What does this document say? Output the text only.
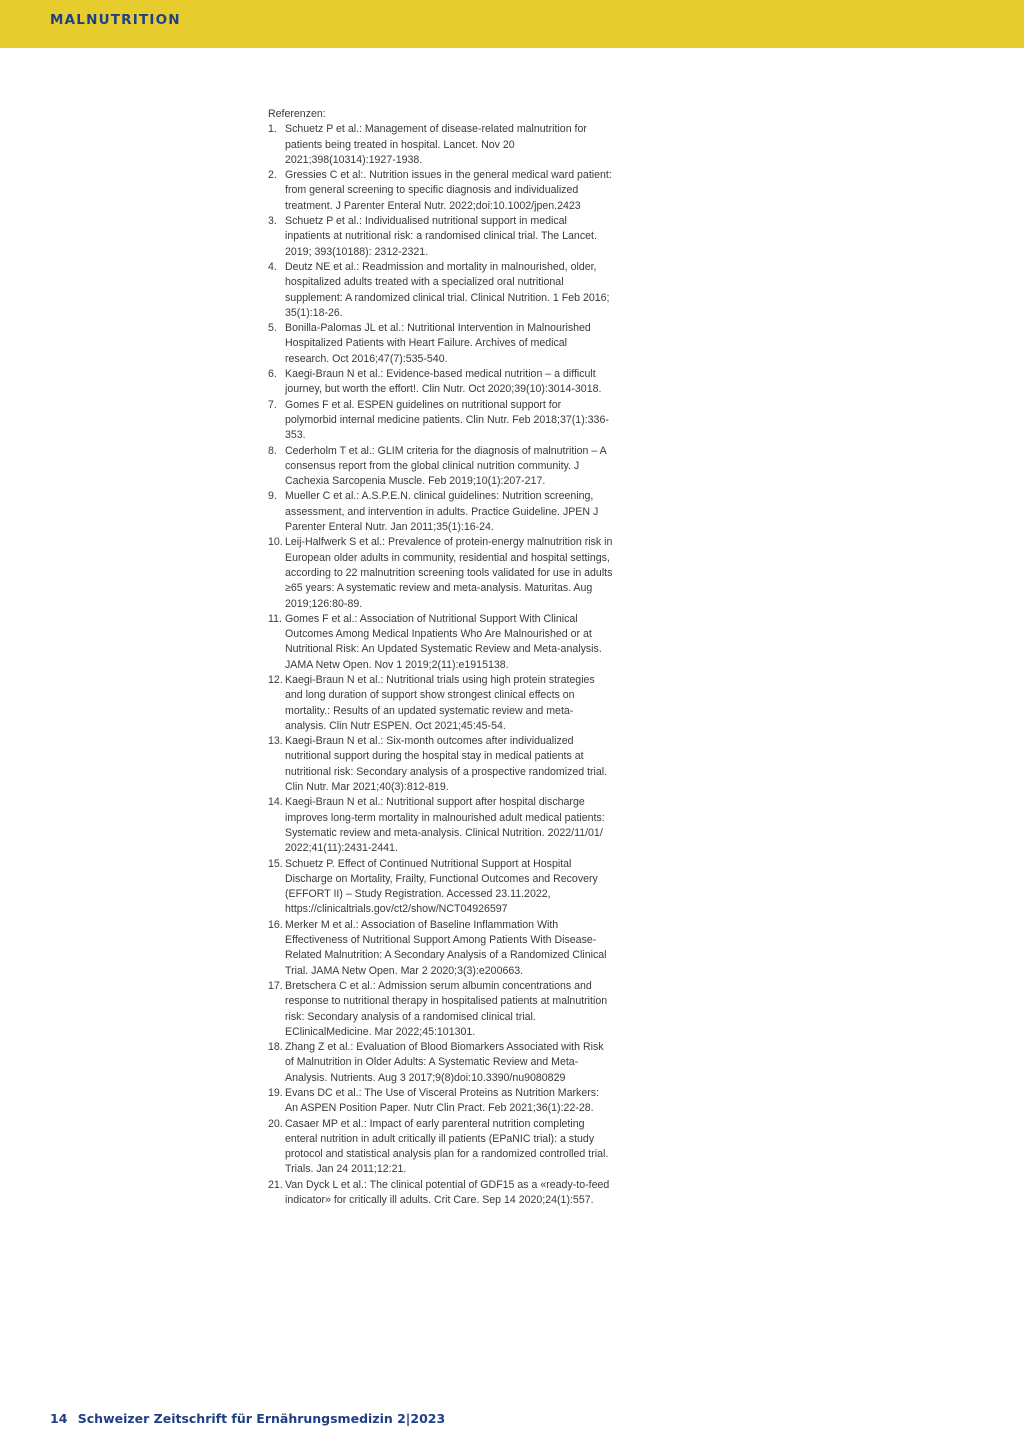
MALNUTRITION

Referenzen:

1. Schuetz P et al.: Management of disease-related malnutrition for patients being treated in hospital. Lancet. Nov 20 2021;398(10314):1927-1938.
2. Gressies C et al:. Nutrition issues in the general medical ward patient: from general screening to specific diagnosis and individualized treatment. J Parenter Enteral Nutr. 2022;doi:10.1002/jpen.2423
3. Schuetz P et al.: Individualised nutritional support in medical inpatients at nutritional risk: a randomised clinical trial. The Lancet. 2019; 393(10188): 2312-2321.
4. Deutz NE et al.: Readmission and mortality in malnourished, older, hospitalized adults treated with a specialized oral nutritional supplement: A randomized clinical trial. Clinical Nutrition. 1 Feb 2016; 35(1):18-26.
5. Bonilla-Palomas JL et al.: Nutritional Intervention in Malnourished Hospitalized Patients with Heart Failure. Archives of medical research. Oct 2016;47(7):535-540.
6. Kaegi-Braun N et al.: Evidence-based medical nutrition – a difficult journey, but worth the effort!. Clin Nutr. Oct 2020;39(10):3014-3018.
7. Gomes F et al. ESPEN guidelines on nutritional support for polymorbid internal medicine patients. Clin Nutr. Feb 2018;37(1):336-353.
8. Cederholm T et al.: GLIM criteria for the diagnosis of malnutrition – A consensus report from the global clinical nutrition community. J Cachexia Sarcopenia Muscle. Feb 2019;10(1):207-217.
9. Mueller C et al.: A.S.P.E.N. clinical guidelines: Nutrition screening, assessment, and intervention in adults. Practice Guideline. JPEN J Parenter Enteral Nutr. Jan 2011;35(1):16-24.
10. Leij-Halfwerk S et al.: Prevalence of protein-energy malnutrition risk in European older adults in community, residential and hospital settings, according to 22 malnutrition screening tools validated for use in adults ≥65 years: A systematic review and meta-analysis. Maturitas. Aug 2019;126:80-89.
11. Gomes F et al.: Association of Nutritional Support With Clinical Outcomes Among Medical Inpatients Who Are Malnourished or at Nutritional Risk: An Updated Systematic Review and Meta-analysis. JAMA Netw Open. Nov 1 2019;2(11):e1915138.
12. Kaegi-Braun N et al.: Nutritional trials using high protein strategies and long duration of support show strongest clinical effects on mortality.: Results of an updated systematic review and meta-analysis. Clin Nutr ESPEN. Oct 2021;45:45-54.
13. Kaegi-Braun N et al.: Six-month outcomes after individualized nutritional support during the hospital stay in medical patients at nutritional risk: Secondary analysis of a prospective randomized trial. Clin Nutr. Mar 2021;40(3):812-819.
14. Kaegi-Braun N et al.: Nutritional support after hospital discharge improves long-term mortality in malnourished adult medical patients: Systematic review and meta-analysis. Clinical Nutrition. 2022/11/01/ 2022;41(11):2431-2441.
15. Schuetz P. Effect of Continued Nutritional Support at Hospital Discharge on Mortality, Frailty, Functional Outcomes and Recovery (EFFORT II) – Study Registration. Accessed 23.11.2022, https://clinicaltrials.gov/ct2/show/NCT04926597
16. Merker M et al.: Association of Baseline Inflammation With Effectiveness of Nutritional Support Among Patients With Disease-Related Malnutrition: A Secondary Analysis of a Randomized Clinical Trial. JAMA Netw Open. Mar 2 2020;3(3):e200663.
17. Bretschera C et al.: Admission serum albumin concentrations and response to nutritional therapy in hospitalised patients at malnutrition risk: Secondary analysis of a randomised clinical trial. EClinicalMedicine. Mar 2022;45:101301.
18. Zhang Z et al.: Evaluation of Blood Biomarkers Associated with Risk of Malnutrition in Older Adults: A Systematic Review and Meta-Analysis. Nutrients. Aug 3 2017;9(8)doi:10.3390/nu9080829
19. Evans DC et al.: The Use of Visceral Proteins as Nutrition Markers: An ASPEN Position Paper. Nutr Clin Pract. Feb 2021;36(1):22-28.
20. Casaer MP et al.: Impact of early parenteral nutrition completing enteral nutrition in adult critically ill patients (EPaNIC trial): a study protocol and statistical analysis plan for a randomized controlled trial. Trials. Jan 24 2011;12:21.
21. Van Dyck L et al.: The clinical potential of GDF15 as a «ready-to-feed indicator» for critically ill adults. Crit Care. Sep 14 2020;24(1):557.
14 Schweizer Zeitschrift für Ernährungsmedizin 2|2023
